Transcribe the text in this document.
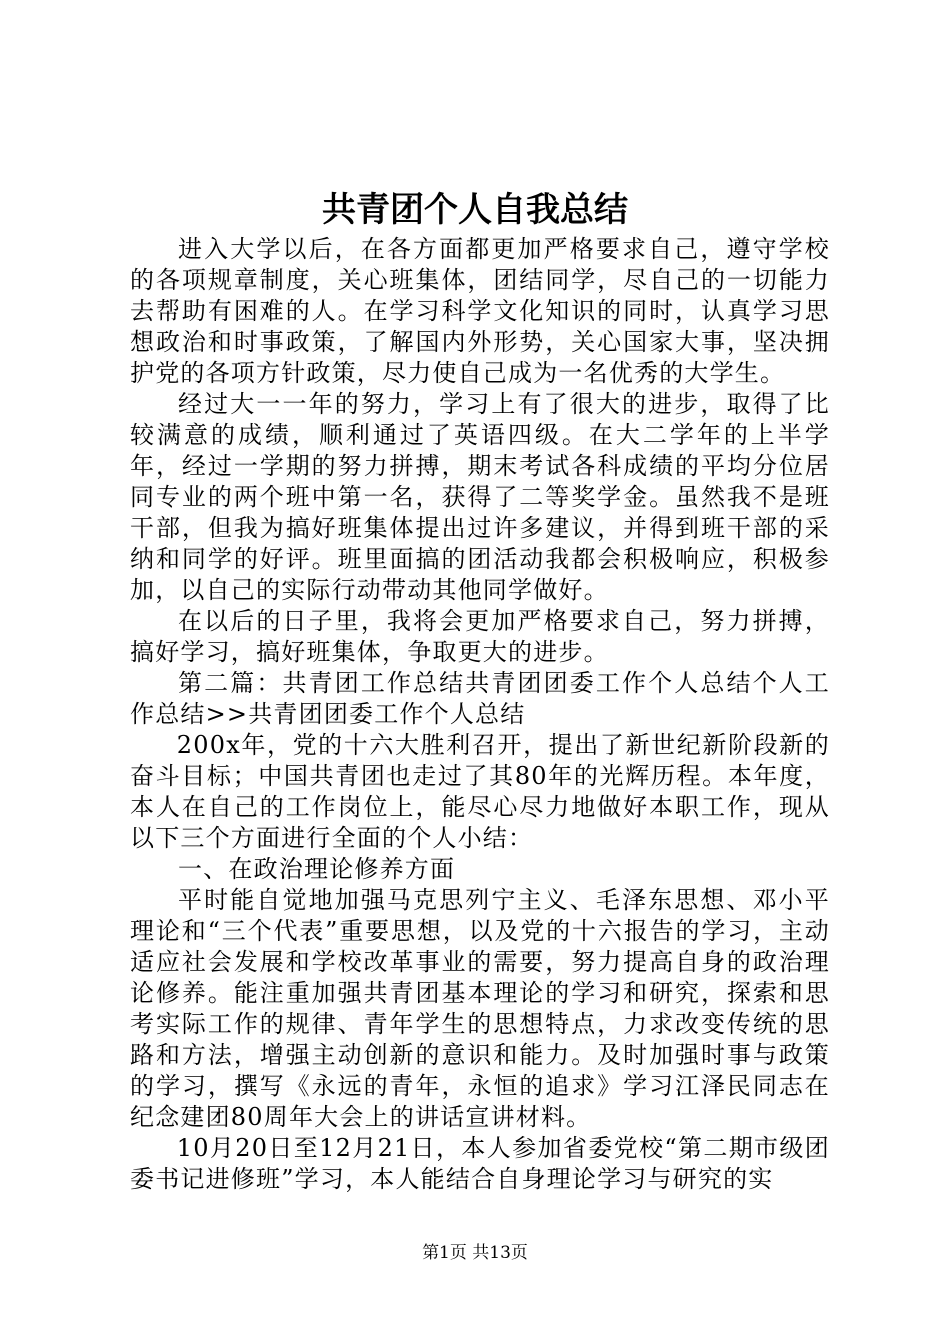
共青团个人自我总结

进入大学以后，在各方面都更加严格要求自己，遵守学校的各项规章制度，关心班集体，团结同学，尽自己的一切能力去帮助有困难的人。在学习科学文化知识的同时，认真学习思想政治和时事政策，了解国内外形势，关心国家大事，坚决拥护党的各项方针政策，尽力使自己成为一名优秀的大学生。

经过大一一年的努力，学习上有了很大的进步，取得了比较满意的成绩，顺利通过了英语四级。在大二学年的上半学年，经过一学期的努力拼搏，期末考试各科成绩的平均分位居同专业的两个班中第一名，获得了二等奖学金。虽然我不是班干部，但我为搞好班集体提出过许多建议，并得到班干部的采纳和同学的好评。班里面搞的团活动我都会积极响应，积极参加，以自己的实际行动带动其他同学做好。

在以后的日子里，我将会更加严格要求自己，努力拼搏，搞好学习，搞好班集体，争取更大的进步。

第二篇：共青团工作总结共青团团委工作个人总结个人工作总结>>共青团团委工作个人总结

200x年，党的十六大胜利召开，提出了新世纪新阶段新的奋斗目标；中国共青团也走过了其80年的光辉历程。本年度，本人在自己的工作岗位上，能尽心尽力地做好本职工作，现从以下三个方面进行全面的个人小结：

一、在政治理论修养方面

平时能自觉地加强马克思列宁主义、毛泽东思想、邓小平理论和“三个代表”重要思想，以及党的十六报告的学习，主动适应社会发展和学校改革事业的需要，努力提高自身的政治理论修养。能注重加强共青团基本理论的学习和研究，探索和思考实际工作的规律、青年学生的思想特点，力求改变传统的思路和方法，增强主动创新的意识和能力。及时加强时事与政策的学习，撰写《永远的青年，永恒的追求》学习江泽民同志在纪念建团80周年大会上的讲话宣讲材料。

10月20日至12月21日，本人参加省委党校“第二期市级团委书记进修班”学习，本人能结合自身理论学习与研究的实

第1页 共13页
